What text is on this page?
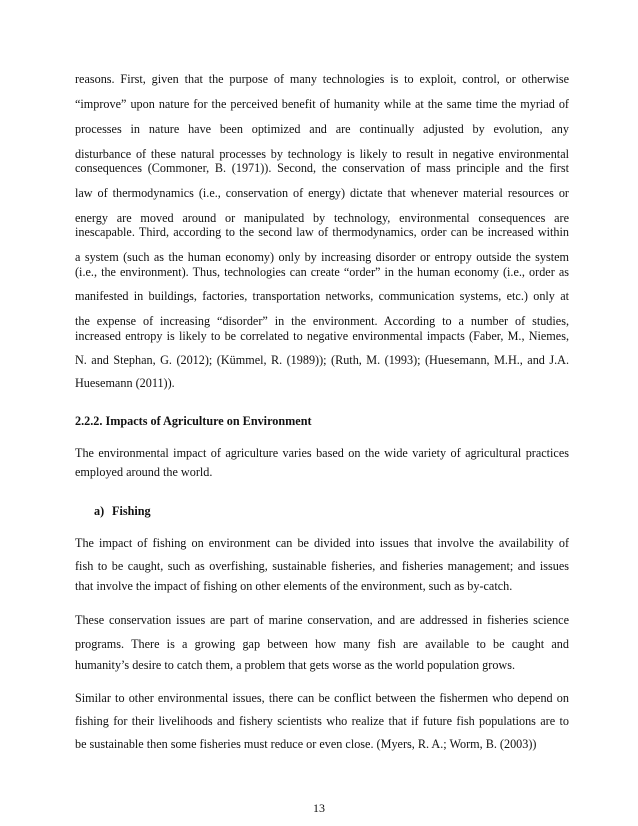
reasons. First, given that the purpose of many technologies is to exploit, control, or otherwise
“improve” upon nature for the perceived benefit of humanity while at the same time the myriad of
processes in nature have been optimized and are continually adjusted by evolution, any
disturbance of these natural processes by technology is likely to result in negative environmental
consequences (Commoner, B. (1971)). Second, the conservation of mass principle and the first
law of thermodynamics (i.e., conservation of energy) dictate that whenever material resources or
energy are moved around or manipulated by technology, environmental consequences are
inescapable. Third, according to the second law of thermodynamics, order can be increased within
a system (such as the human economy) only by increasing disorder or entropy outside the system
(i.e., the environment). Thus, technologies can create “order” in the human economy (i.e., order as
manifested in buildings, factories, transportation networks, communication systems, etc.) only at
the expense of increasing “disorder” in the environment. According to a number of studies,
increased entropy is likely to be correlated to negative environmental impacts (Faber, M., Niemes,
N. and Stephan, G. (2012); (Kümmel, R. (1989)); (Ruth, M. (1993); (Huesemann, M.H., and J.A.
Huesemann (2011)).
2.2.2. Impacts of Agriculture on Environment
The environmental impact of agriculture varies based on the wide variety of agricultural practices
employed around the world.
a) Fishing
The impact of fishing on environment can be divided into issues that involve the availability of
fish to be caught, such as overfishing, sustainable fisheries, and fisheries management; and issues
that involve the impact of fishing on other elements of the environment, such as by-catch.
These conservation issues are part of marine conservation, and are addressed in fisheries science
programs. There is a growing gap between how many fish are available to be caught and
humanity’s desire to catch them, a problem that gets worse as the world population grows.
Similar to other environmental issues, there can be conflict between the fishermen who depend on
fishing for their livelihoods and fishery scientists who realize that if future fish populations are to
be sustainable then some fisheries must reduce or even close. (Myers, R. A.; Worm, B. (2003))
13
